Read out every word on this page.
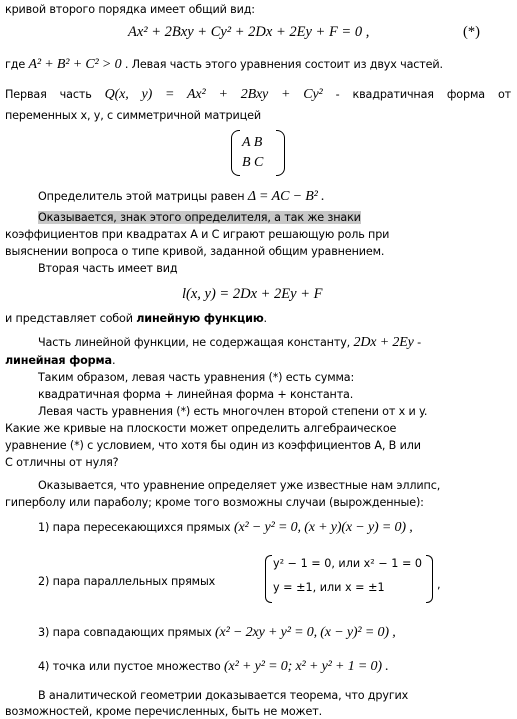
кривой второго порядка имеет общий вид:
Ax² + 2Bxy + Cy² + 2Dx + 2Ey + F = 0 ,	(*)
где A² + B² + C² > 0 . Левая часть этого уравнения состоит из двух частей.
Первая часть Q(x, y) = Ax² + 2Bxy + Cy² - квадратичная форма от
переменных x, y, с симметричной матрицей
A B
B C
Определитель этой матрицы равен Δ = AC − B² .
Оказывается, знак этого определителя, а так же знаки
коэффициентов при квадратах A и C играют решающую роль при
выяснении вопроса о типе кривой, заданной общим уравнением.
Вторая часть имеет вид
l(x, y) = 2Dx + 2Ey + F
и представляет собой линейную функцию.
Часть линейной функции, не содержащая константу, 2Dx + 2Ey -
линейная форма.
Таким образом, левая часть уравнения (*) есть сумма:
квадратичная форма + линейная форма + константа.
Левая часть уравнения (*) есть многочлен второй степени от x и y.
Какие же кривые на плоскости может определить алгебраическое
уравнение (*) с условием, что хотя бы один из коэффициентов A, B или
C отличны от нуля?
Оказывается, что уравнение определяет уже известные нам эллипс,
гиперболу или параболу; кроме того возможны случаи (вырожденные):
1) пара пересекающихся прямых (x² − y² = 0, (x + y)(x − y) = 0) ,
2) пара параллельных прямых
y² − 1 = 0, или x² − 1 = 0
y = ±1, или x = ±1	,
3) пара совпадающих прямых (x² − 2xy + y² = 0, (x − y)² = 0) ,
4) точка или пустое множество (x² + y² = 0; x² + y² + 1 = 0) .
В аналитической геометрии доказывается теорема, что других
возможностей, кроме перечисленных, быть не может.
